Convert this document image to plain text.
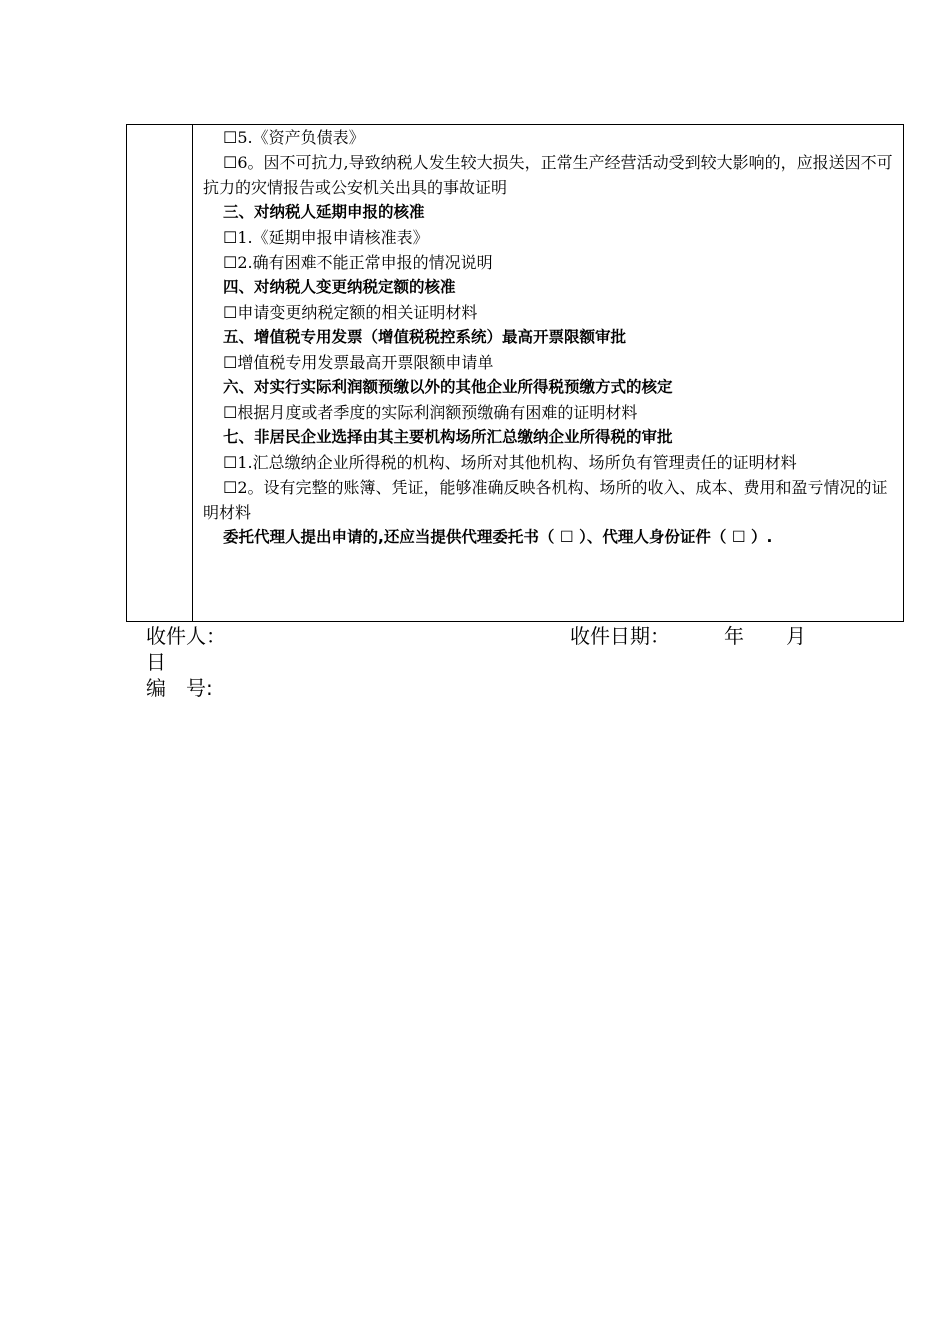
☐5.《资产负债表》
☐6。因不可抗力,导致纳税人发生较大损失，正常生产经营活动受到较大影响的，应报送因不可抗力的灾情报告或公安机关出具的事故证明
三、对纳税人延期申报的核准
☐1.《延期申报申请核准表》
☐2.确有困难不能正常申报的情况说明
四、对纳税人变更纳税定额的核准
☐申请变更纳税定额的相关证明材料
五、增值税专用发票（增值税税控系统）最高开票限额审批
☐增值税专用发票最高开票限额申请单
六、对实行实际利润额预缴以外的其他企业所得税预缴方式的核定
☐根据月度或者季度的实际利润额预缴确有困难的证明材料
七、非居民企业选择由其主要机构场所汇总缴纳企业所得税的审批
☐1.汇总缴纳企业所得税的机构、场所对其他机构、场所负有管理责任的证明材料
☐2。设有完整的账簿、凭证，能够准确反映各机构、场所的收入、成本、费用和盈亏情况的证明材料
委托代理人提出申请的,还应当提供代理委托书（ ☐ ）、代理人身份证件（ ☐ ）.
收件人：	收件日期：	年 月
日
编　号:
